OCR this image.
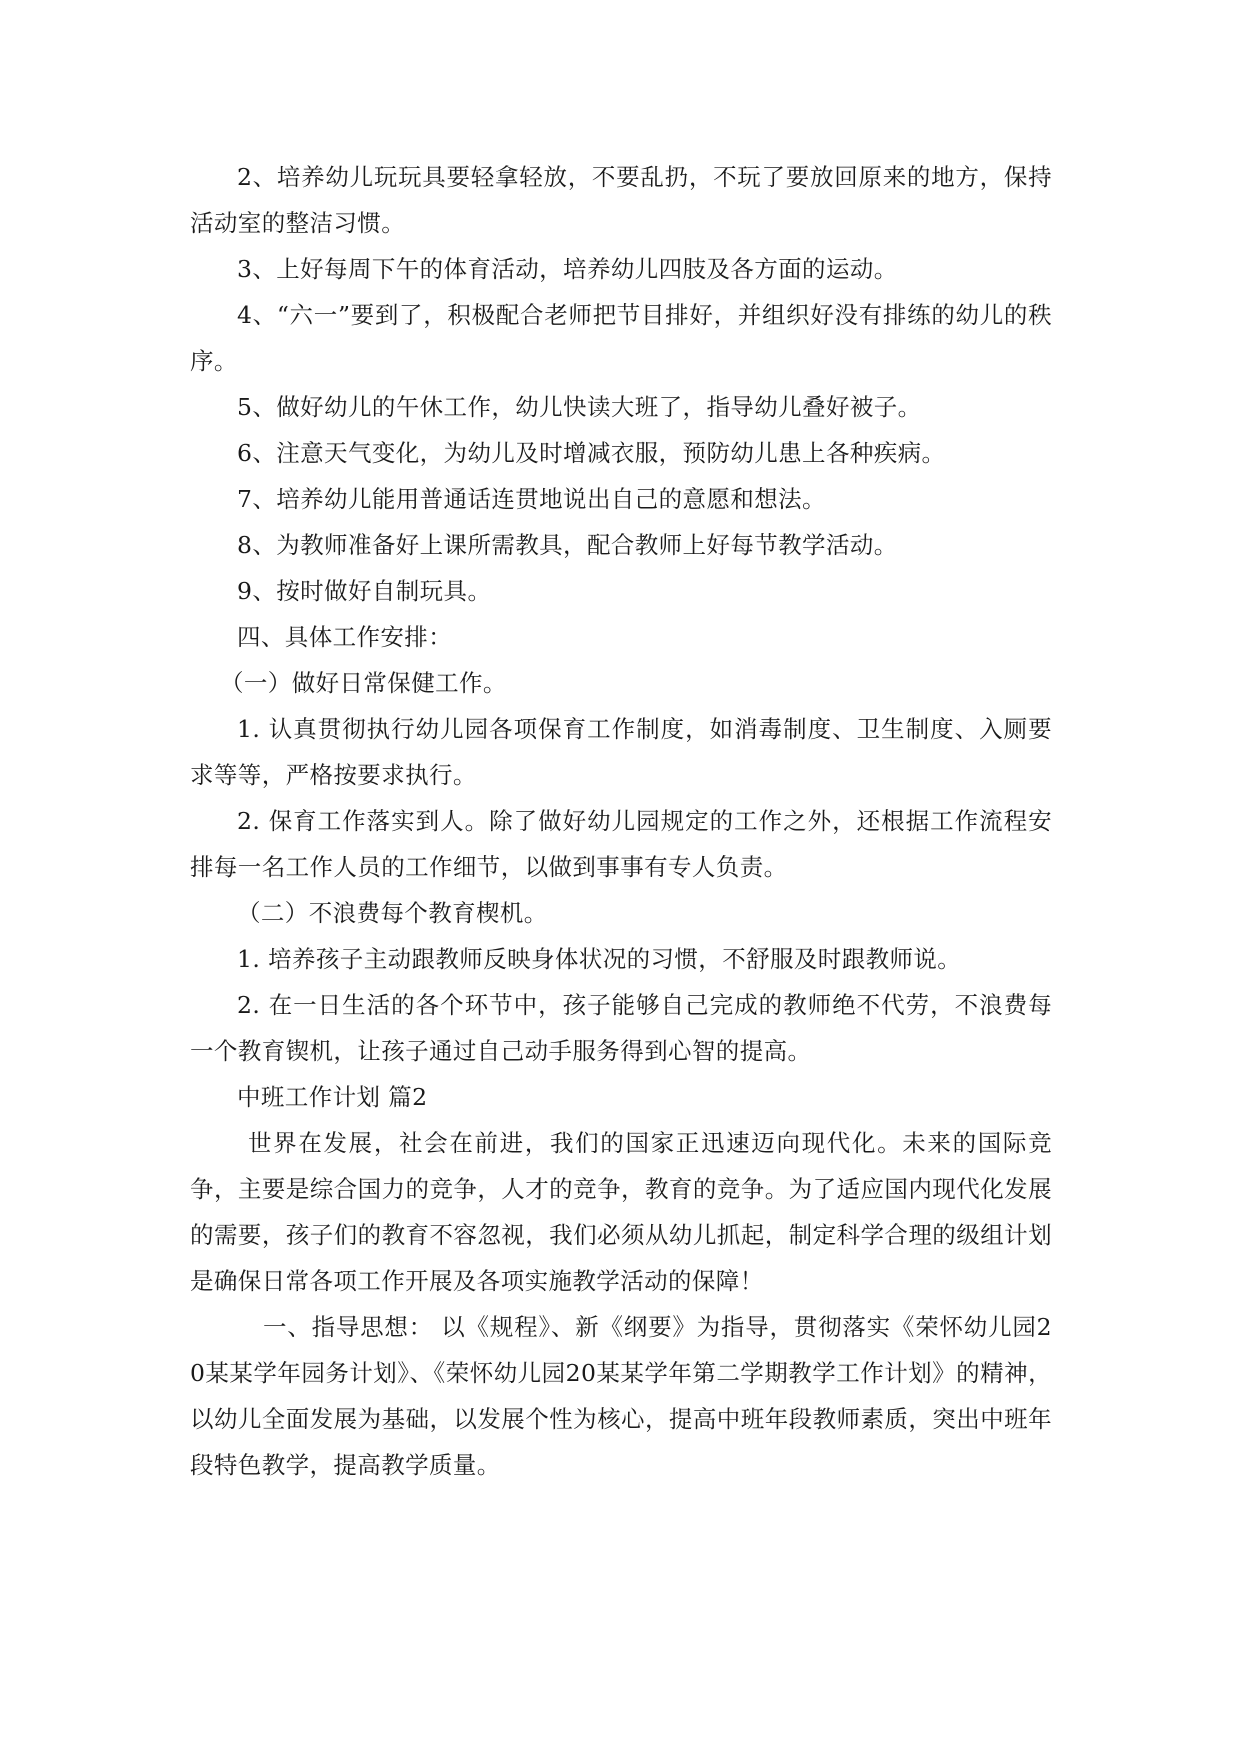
2、培养幼儿玩玩具要轻拿轻放，不要乱扔，不玩了要放回原来的地方，保持活动室的整洁习惯。

3、上好每周下午的体育活动，培养幼儿四肢及各方面的运动。

4、“六一”要到了，积极配合老师把节目排好，并组织好没有排练的幼儿的秩序。

5、做好幼儿的午休工作，幼儿快读大班了，指导幼儿叠好被子。

6、注意天气变化，为幼儿及时增减衣服，预防幼儿患上各种疾病。

7、培养幼儿能用普通话连贯地说出自己的意愿和想法。

8、为教师准备好上课所需教具，配合教师上好每节教学活动。

9、按时做好自制玩具。

四、具体工作安排：

（一）做好日常保健工作。

1. 认真贯彻执行幼儿园各项保育工作制度，如消毒制度、卫生制度、入厕要求等等，严格按要求执行。

2. 保育工作落实到人。除了做好幼儿园规定的工作之外，还根据工作流程安排每一名工作人员的工作细节，以做到事事有专人负责。

（二）不浪费每个教育楔机。

1. 培养孩子主动跟教师反映身体状况的习惯，不舒服及时跟教师说。

2. 在一日生活的各个环节中，孩子能够自己完成的教师绝不代劳，不浪费每一个教育锲机，让孩子通过自己动手服务得到心智的提高。

中班工作计划 篇2

世界在发展，社会在前进，我们的国家正迅速迈向现代化。未来的国际竞争，主要是综合国力的竞争，人才的竞争，教育的竞争。为了适应国内现代化发展的需要，孩子们的教育不容忽视，我们必须从幼儿抓起，制定科学合理的级组计划是确保日常各项工作开展及各项实施教学活动的保障！

一、指导思想： 以《规程》、新《纲要》为指导，贯彻落实《荣怀幼儿园20某某学年园务计划》、《荣怀幼儿园20某某学年第二学期教学工作计划》的精神，以幼儿全面发展为基础，以发展个性为核心，提高中班年段教师素质，突出中班年段特色教学，提高教学质量。
